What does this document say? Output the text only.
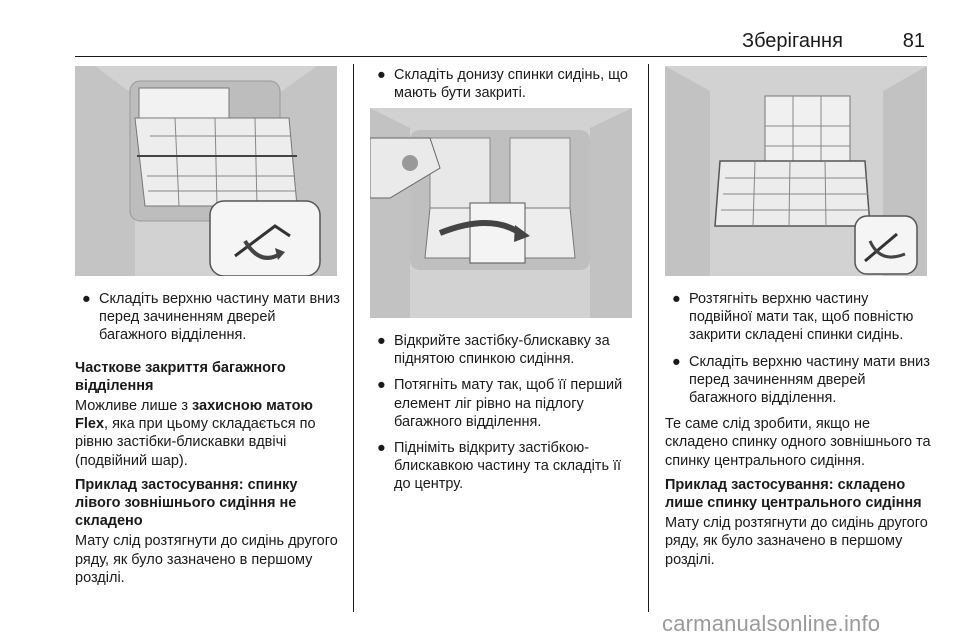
Зберігання	81
● Складіть верхню частину мати вниз перед зачиненням дверей багажного відділення.

Часткове закриття багажного відділення

Можливе лише з захисною матою Flex, яка при цьому складається по рівню застібки-блискавки вдвічі (подвійний шар).

Приклад застосування: спинку лівого зовнішнього сидіння не складено

Мату слід розтягнути до сидінь другого ряду, як було зазначено в першому розділі.

● Складіть донизу спинки сидінь, що мають бути закриті.
● Відкрийте застібку-блискавку за піднятою спинкою сидіння.
● Потягніть мату так, щоб її перший елемент ліг рівно на підлогу багажного відділення.
● Підніміть відкриту застібкою-блискавкою частину та складіть її до центру.
● Розтягніть верхню частину подвійної мати так, щоб повністю закрити складені спинки сидінь.
● Складіть верхню частину мати вниз перед зачиненням дверей багажного відділення.

Те саме слід зробити, якщо не складено спинку одного зовнішнього та спинку центрального сидіння.

Приклад застосування: складено лише спинку центрального сидіння

Мату слід розтягнути до сидінь другого ряду, як було зазначено в першому розділі.

carmanualsonline.info
